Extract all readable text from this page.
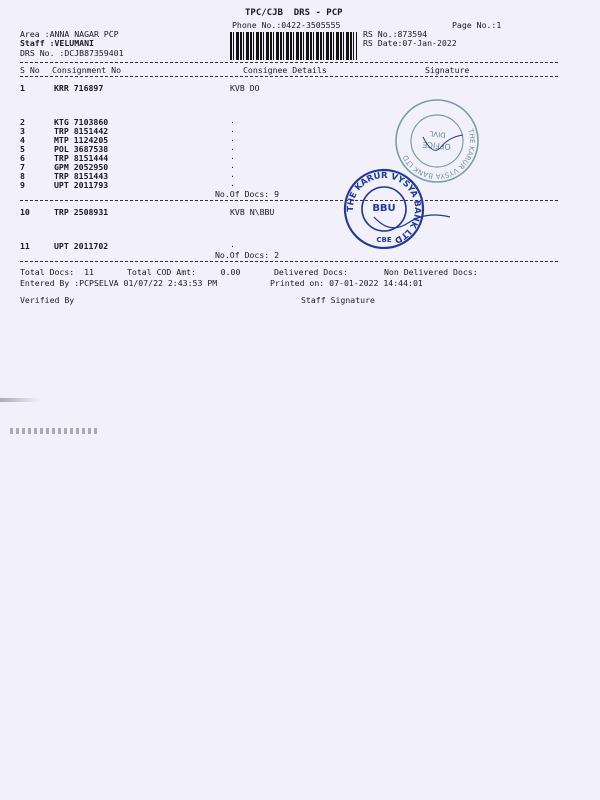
TPC/CJB  DRS - PCP
Phone No.:0422-3505555	Page No.:1
Area :ANNA NAGAR PCP
Staff :VELUMANI
DRS No. :DCJB87359401
RS No.:873594
RS Date:07-Jan-2022
S No Consignment No	Consignee Details	Signature
1	KRR 716897	KVB DO
2	KTG 7103860	.
3	TRP 8151442	.
4	MTP 1124205	.
5	POL 3687538	.
6	TRP 8151444	.
7	GPM 2052950	.
8	TRP 8151443	.
9	UPT 2011793	.
No.Of Docs: 9
10	TRP 2508931	KVB N\BBU
11	UPT 2011702	.
No.Of Docs: 2
Total Docs:  11	Total COD Amt:     0.00	Delivered Docs:	Non Delivered Docs:
Entered By :PCPSELVA 01/07/22 2:43:53 PM	Printed on: 07-01-2022 14:44:01
Verified By	Staff Signature
THE KARUR VYSYA BANK LTD
OFFICE
DIVL
THE KARUR VYSYA BANK LTD
BBU
CBE
